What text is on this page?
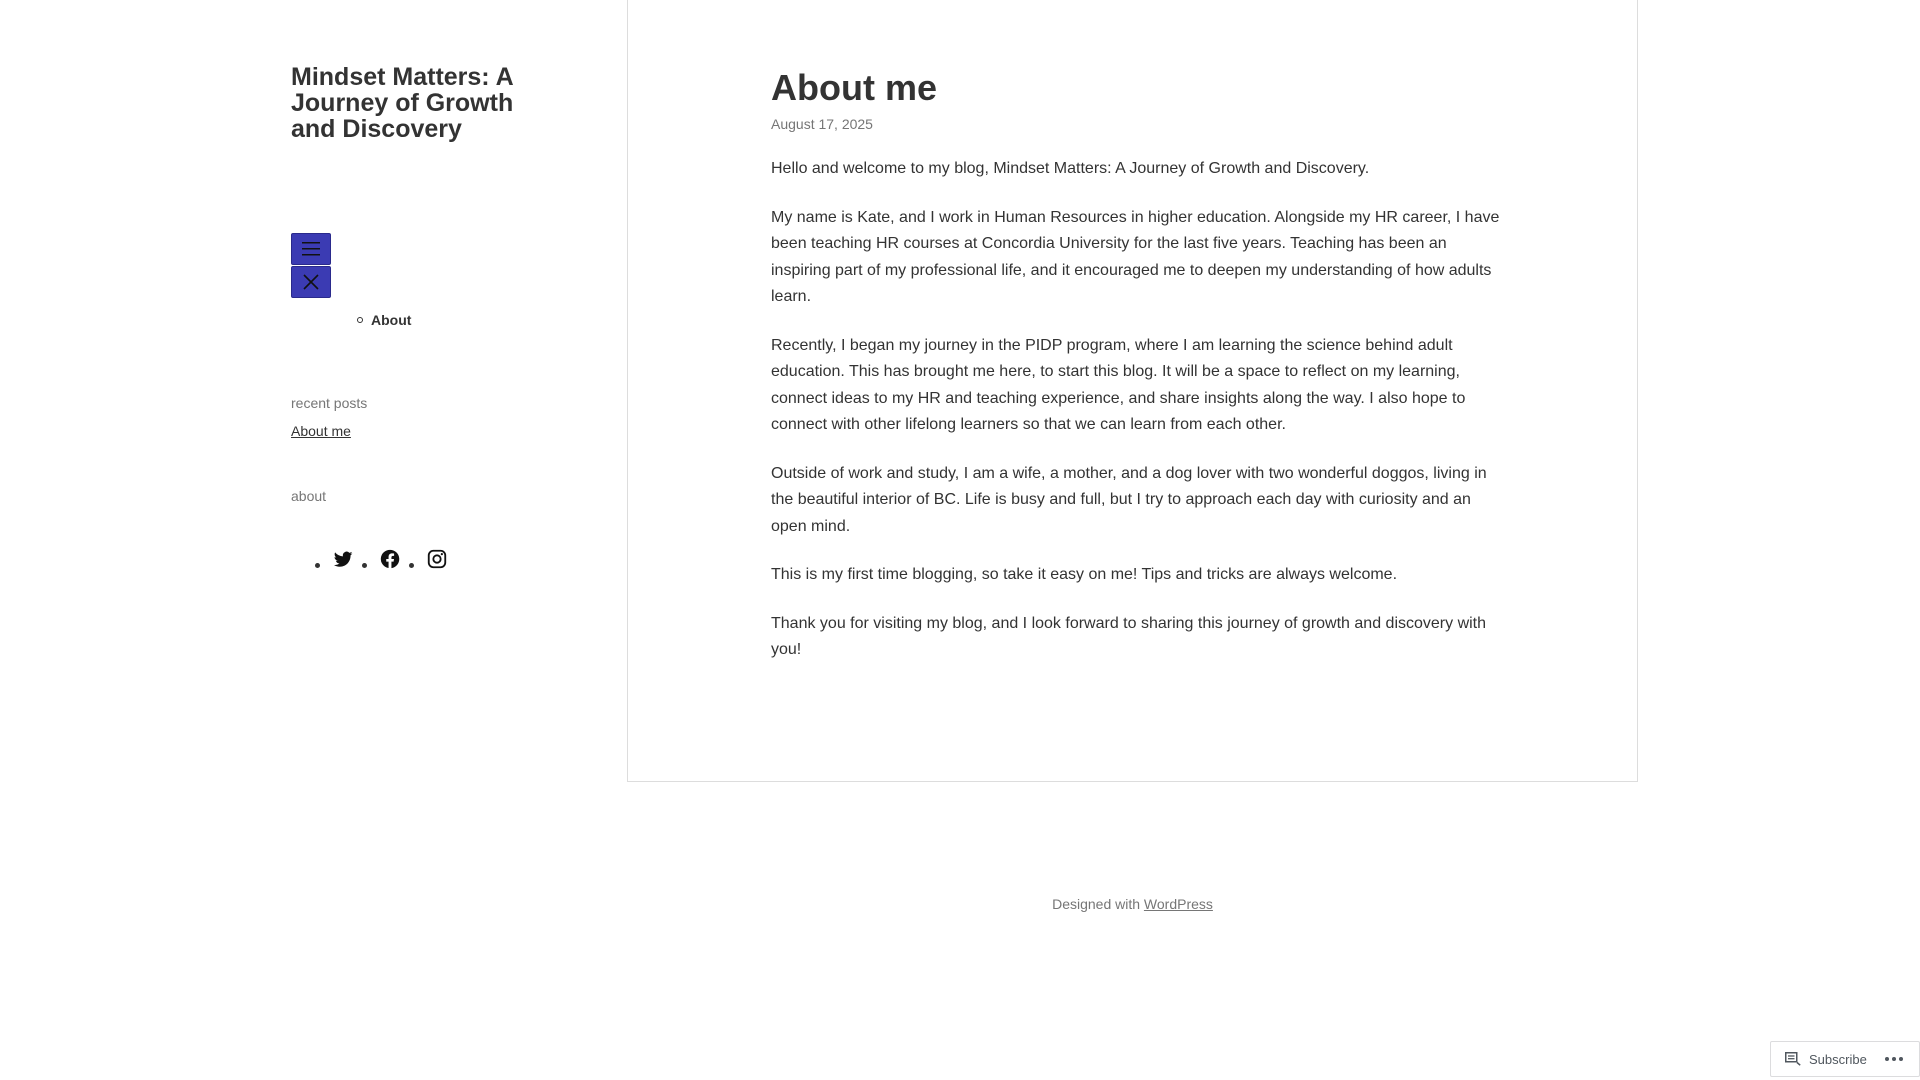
Mindset Matters: A Journey of Growth and Discovery
About
recent posts
About me
about
About me
August 17, 2025

Hello and welcome to my blog, Mindset Matters: A Journey of Growth and Discovery.

My name is Kate, and I work in Human Resources in higher education. Alongside my HR career, I have been teaching HR courses at Concordia University for the last five years. Teaching has been an inspiring part of my professional life, and it encouraged me to deepen my understanding of how adults learn.

Recently, I began my journey in the PIDP program, where I am learning the science behind adult education. This has brought me here, to start this blog. It will be a space to reflect on my learning, connect ideas to my HR and teaching experience, and share insights along the way. I also hope to connect with other lifelong learners so that we can learn from each other.

Outside of work and study, I am a wife, a mother, and a dog lover with two wonderful doggos, living in the beautiful interior of BC. Life is busy and full, but I try to approach each day with curiosity and an open mind.

This is my first time blogging, so take it easy on me! Tips and tricks are always welcome.

Thank you for visiting my blog, and I look forward to sharing this journey of growth and discovery with you!

Designed with WordPress
Subscribe
